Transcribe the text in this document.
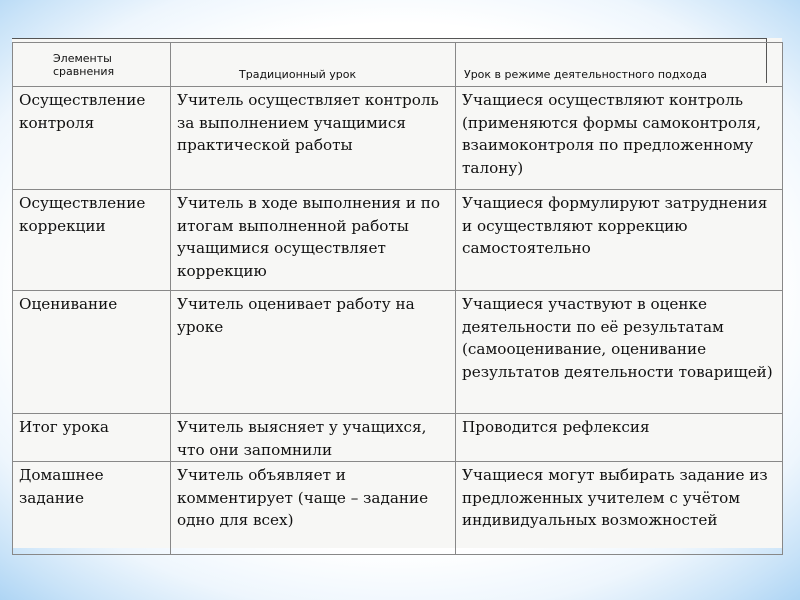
Элементы сравнения	Традиционный урок	Урок в режиме деятельностного подхода
Осуществление контроля	Учитель осуществляет контроль за выполнением учащимися практической работы	Учащиеся осуществляют контроль (применяются формы самоконтроля, взаимоконтроля по предложенному талону)
Осуществление коррекции	Учитель в ходе выполнения и по итогам выполненной работы учащимися осуществляет коррекцию	Учащиеся формулируют затруднения и осуществляют коррекцию самостоятельно
Оценивание	Учитель оценивает работу на уроке	Учащиеся участвуют в оценке деятельности по её результатам (самооценивание, оценивание результатов деятельности товарищей)
Итог урока	Учитель выясняет у учащихся, что они запомнили	Проводится рефлексия
Домашнее задание	Учитель объявляет и комментирует (чаще – задание одно для всех)	Учащиеся могут выбирать задание из предложенных учителем с учётом индивидуальных возможностей
